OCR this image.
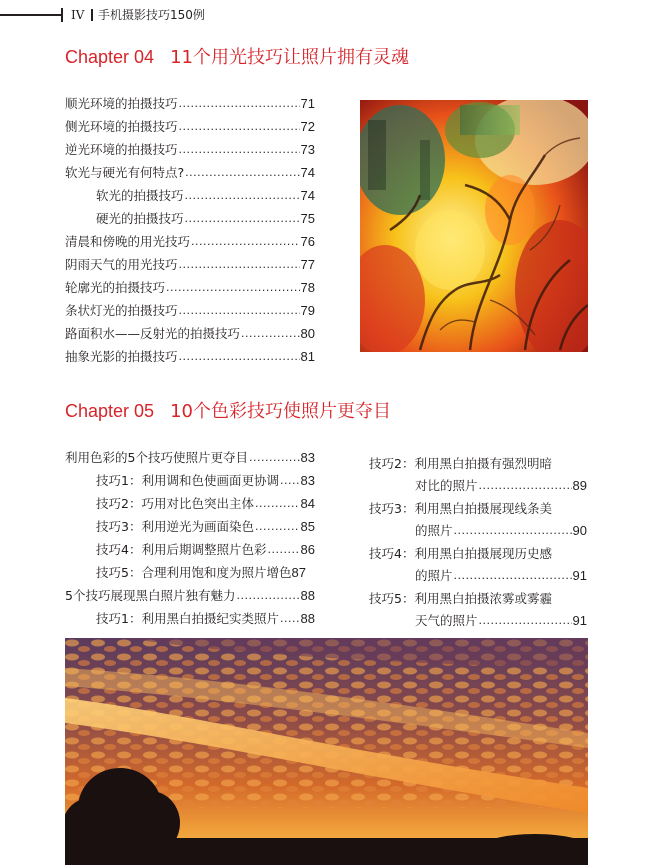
IV 手机摄影技巧150例
Chapter 04 11个用光技巧让照片拥有灵魂
顺光环境的拍摄技巧 .....	71
侧光环境的拍摄技巧 .....	72
逆光环境的拍摄技巧 .....	73
软光与硬光有何特点? .....	74
软光的拍摄技巧 .....	74
硬光的拍摄技巧 .....	75
清晨和傍晚的用光技巧 .....	76
阴雨天气的用光技巧 .....	77
轮廓光的拍摄技巧 .....	78
条状灯光的拍摄技巧 .....	79
路面积水——反射光的拍摄技巧 .....	80
抽象光影的拍摄技巧 .....	81
Chapter 05 10个色彩技巧使照片更夺目
利用色彩的5个技巧使照片更夺目 .....	83
技巧1：利用调和色使画面更协调 ..... 83
技巧2：巧用对比色突出主体 .....	84
技巧3：利用逆光为画面染色 .....	85
技巧4：利用后期调整照片色彩 .....	86
技巧5：合理利用饱和度为照片增色 87
5个技巧展现黑白照片独有魅力 .....	88
技巧1：利用黑白拍摄纪实类照片 ..... 88
技巧2：利用黑白拍摄有强烈明暗
对比的照片 .....	89
技巧3：利用黑白拍摄展现线条美
的照片 .....	90
技巧4：利用黑白拍摄展现历史感
的照片 .....	91
技巧5：利用黑白拍摄浓雾或雾霾
天气的照片 .....	91
